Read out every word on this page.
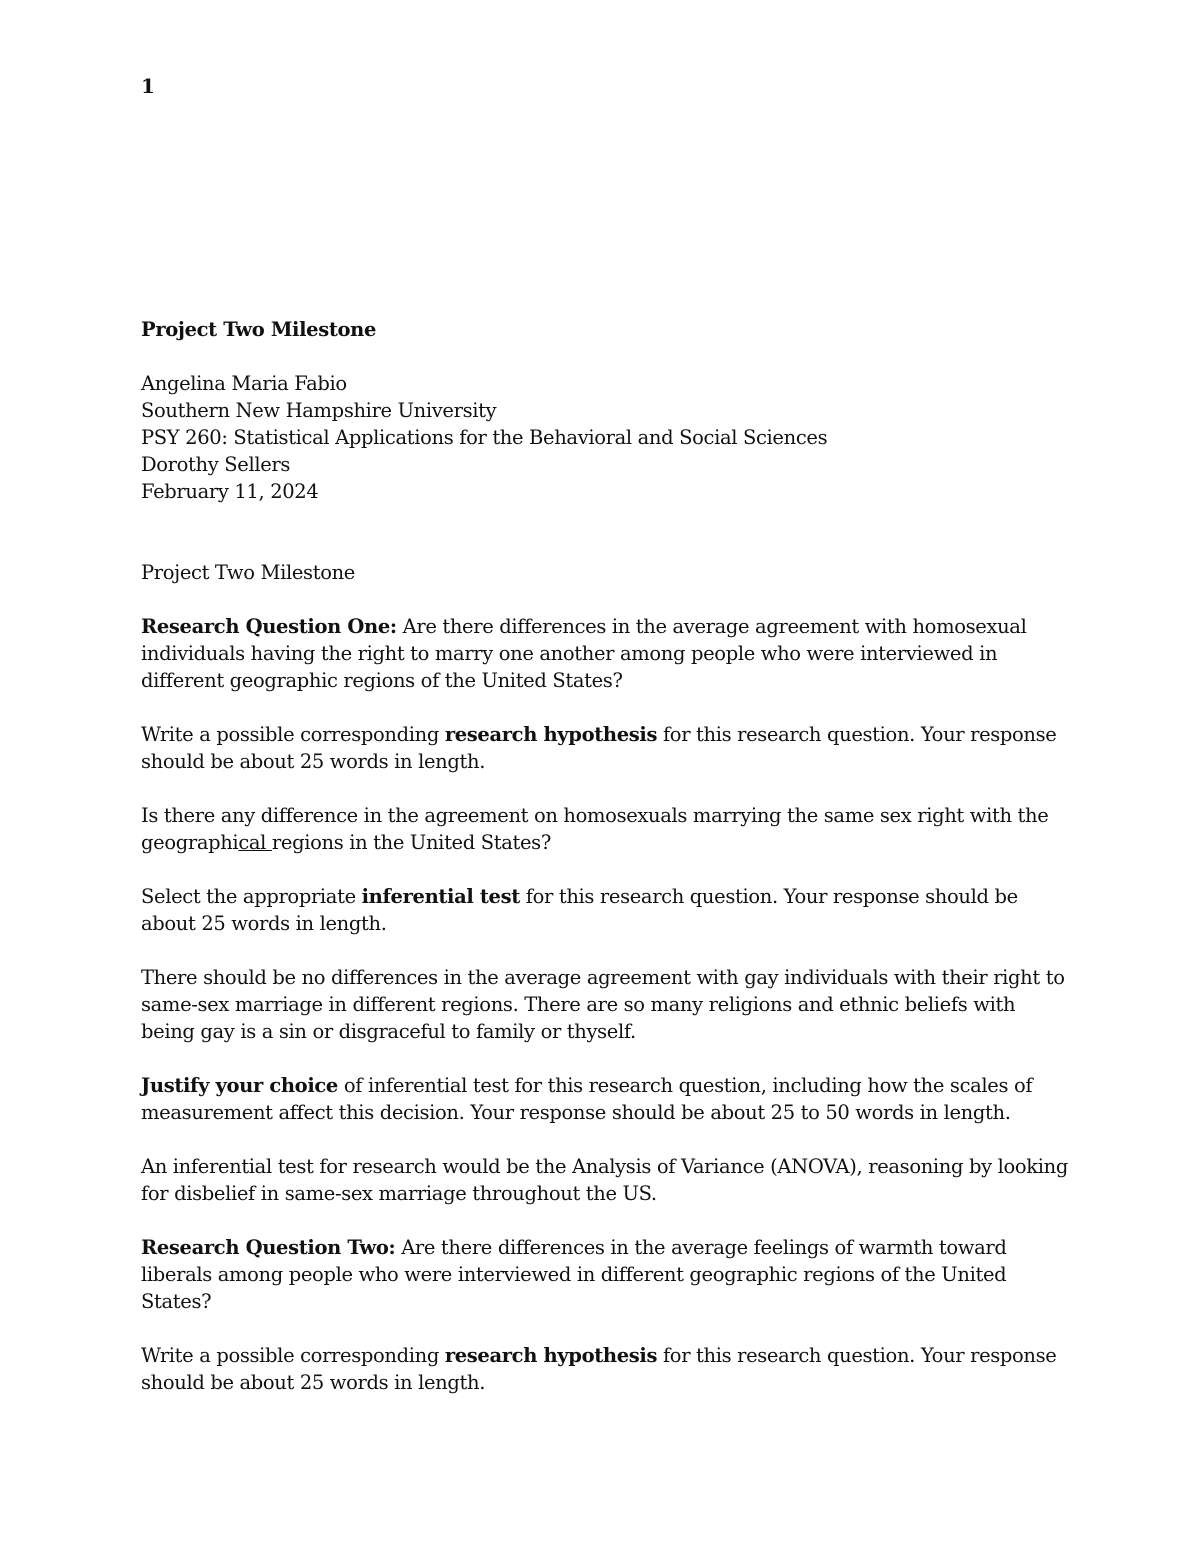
1

Project Two Milestone

Angelina Maria Fabio

Southern New Hampshire University

PSY 260: Statistical Applications for the Behavioral and Social Sciences

Dorothy Sellers

February 11, 2024

Project Two Milestone

Research Question One: Are there differences in the average agreement with homosexual individuals having the right to marry one another among people who were interviewed in different geographic regions of the United States?

Write a possible corresponding research hypothesis for this research question. Your response should be about 25 words in length.

Is there any difference in the agreement on homosexuals marrying the same sex right with the geographical regions in the United States?

Select the appropriate inferential test for this research question. Your response should be about 25 words in length.

There should be no differences in the average agreement with gay individuals with their right to same-sex marriage in different regions. There are so many religions and ethnic beliefs with being gay is a sin or disgraceful to family or thyself.

Justify your choice of inferential test for this research question, including how the scales of measurement affect this decision. Your response should be about 25 to 50 words in length.

An inferential test for research would be the Analysis of Variance (ANOVA), reasoning by looking for disbelief in same-sex marriage throughout the US.

Research Question Two: Are there differences in the average feelings of warmth toward liberals among people who were interviewed in different geographic regions of the United States?

Write a possible corresponding research hypothesis for this research question. Your response should be about 25 words in length.
